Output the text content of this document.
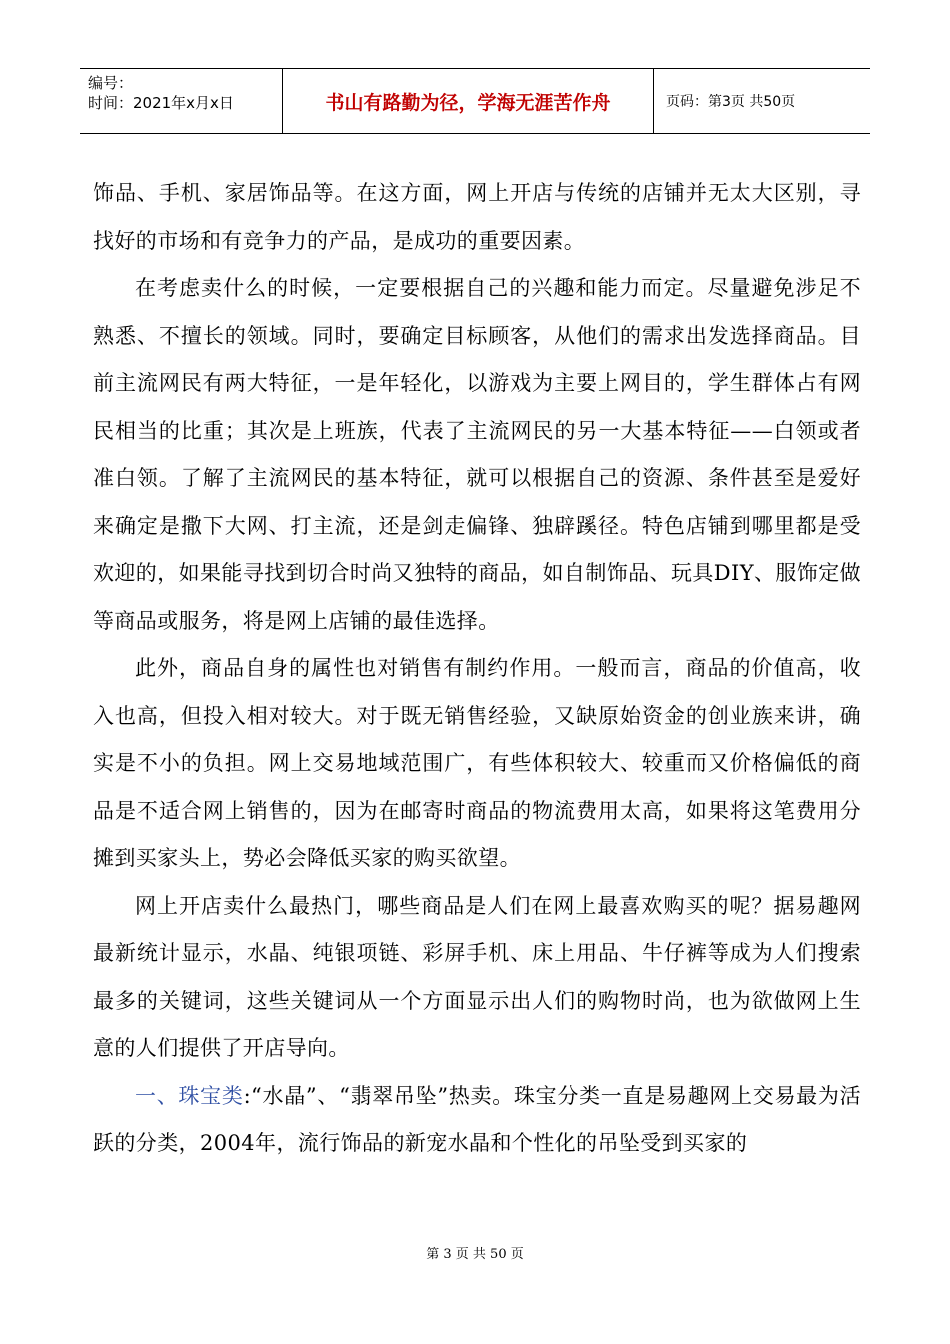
编号：
时间：2021年x月x日	书山有路勤为径，学海无涯苦作舟	页码：第3页 共50页

饰品、手机、家居饰品等。在这方面，网上开店与传统的店铺并无太大区别，寻找好的市场和有竞争力的产品，是成功的重要因素。

在考虑卖什么的时候，一定要根据自己的兴趣和能力而定。尽量避免涉足不熟悉、不擅长的领域。同时，要确定目标顾客，从他们的需求出发选择商品。目前主流网民有两大特征，一是年轻化，以游戏为主要上网目的，学生群体占有网民相当的比重；其次是上班族，代表了主流网民的另一大基本特征——白领或者准白领。了解了主流网民的基本特征，就可以根据自己的资源、条件甚至是爱好来确定是撒下大网、打主流，还是剑走偏锋、独辟蹊径。特色店铺到哪里都是受欢迎的，如果能寻找到切合时尚又独特的商品，如自制饰品、玩具DIY、服饰定做等商品或服务，将是网上店铺的最佳选择。

此外，商品自身的属性也对销售有制约作用。一般而言，商品的价值高，收入也高，但投入相对较大。对于既无销售经验，又缺原始资金的创业族来讲，确实是不小的负担。网上交易地域范围广，有些体积较大、较重而又价格偏低的商品是不适合网上销售的，因为在邮寄时商品的物流费用太高，如果将这笔费用分摊到买家头上，势必会降低买家的购买欲望。

网上开店卖什么最热门，哪些商品是人们在网上最喜欢购买的呢？据易趣网最新统计显示，水晶、纯银项链、彩屏手机、床上用品、牛仔裤等成为人们搜索最多的关键词，这些关键词从一个方面显示出人们的购物时尚，也为欲做网上生意的人们提供了开店导向。

一、珠宝类:“水晶”、“翡翠吊坠”热卖。珠宝分类一直是易趣网上交易最为活跃的分类，2004年，流行饰品的新宠水晶和个性化的吊坠受到买家的

第 3 页 共 50 页
